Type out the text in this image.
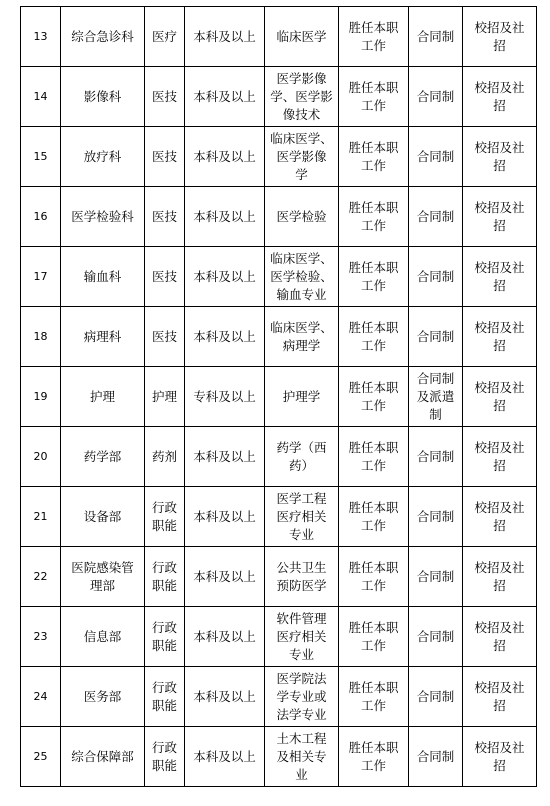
13	综合急诊科	医疗	本科及以上	临床医学	胜任本职
工作	合同制	校招及社
招

14	影像科	医技	本科及以上	医学影像
学、医学影
像技术	胜任本职
工作	合同制	校招及社
招

15	放疗科	医技	本科及以上	临床医学、
医学影像
学	胜任本职
工作	合同制	校招及社
招

16	医学检验科	医技	本科及以上	医学检验	胜任本职
工作	合同制	校招及社
招

17	输血科	医技	本科及以上	临床医学、
医学检验、
输血专业	胜任本职
工作	合同制	校招及社
招

18	病理科	医技	本科及以上	临床医学、
病理学	胜任本职
工作	合同制	校招及社
招

19	护理	护理	专科及以上	护理学	胜任本职
工作	合同制
及派遣
制	校招及社
招

20	药学部	药剂	本科及以上	药学（西
药）	胜任本职
工作	合同制	校招及社
招

21	设备部	行政
职能	本科及以上	医学工程
医疗相关
专业	胜任本职
工作	合同制	校招及社
招

22	医院感染管
理部	行政
职能	本科及以上	公共卫生
预防医学	胜任本职
工作	合同制	校招及社
招

23	信息部	行政
职能	本科及以上	软件管理
医疗相关
专业	胜任本职
工作	合同制	校招及社
招

24	医务部	行政
职能	本科及以上	医学院法
学专业或
法学专业	胜任本职
工作	合同制	校招及社
招

25	综合保障部	行政
职能	本科及以上	土木工程
及相关专
业	胜任本职
工作	合同制	校招及社
招
